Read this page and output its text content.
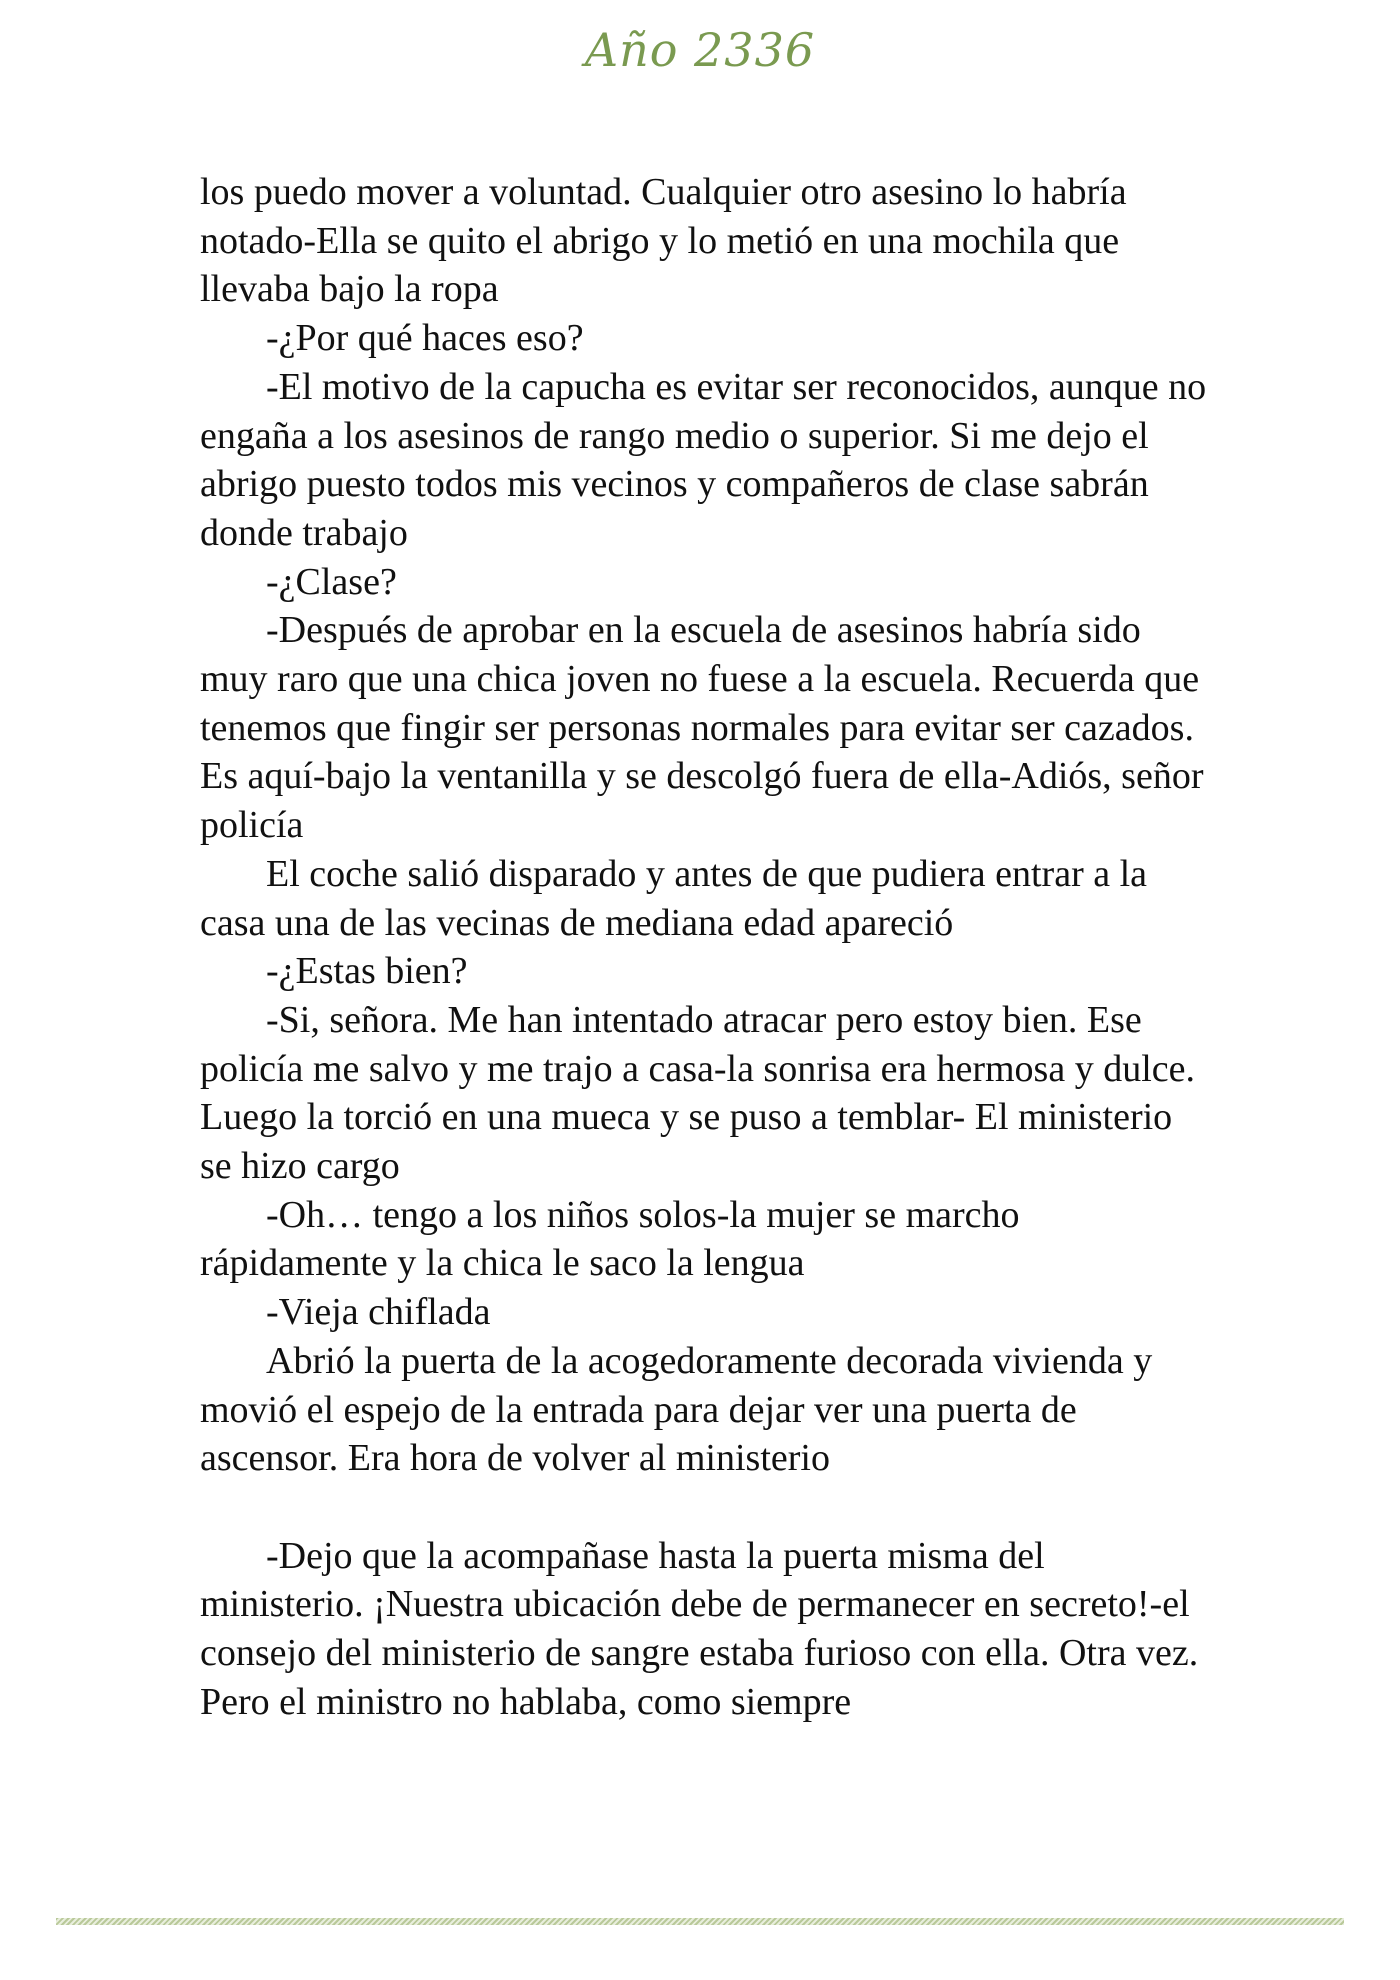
Año 2336

los puedo mover a voluntad. Cualquier otro asesino lo habría notado-Ella se quito el abrigo y lo metió en una mochila que llevaba bajo la ropa

-¿Por qué haces eso?

-El motivo de la capucha es evitar ser reconocidos, aunque no engaña a los asesinos de rango medio o superior. Si me dejo el abrigo puesto todos mis vecinos y compañeros de clase sabrán donde trabajo

-¿Clase?

-Después de aprobar en la escuela de asesinos habría sido muy raro que una chica joven no fuese a la escuela. Recuerda que tenemos que fingir ser personas normales para evitar ser cazados. Es aquí-bajo la ventanilla y se descolgó fuera de ella-Adiós, señor policía

El coche salió disparado y antes de que pudiera entrar a la casa una de las vecinas de mediana edad apareció

-¿Estas bien?

-Si, señora. Me han intentado atracar pero estoy bien. Ese policía me salvo y me trajo a casa-la sonrisa era hermosa y dulce. Luego la torció en una mueca y se puso a temblar- El ministerio se hizo cargo

-Oh… tengo a los niños solos-la mujer se marcho rápidamente y la chica le saco la lengua

-Vieja chiflada

Abrió la puerta de la acogedoramente decorada vivienda y movió el espejo de la entrada para dejar ver una puerta de ascensor. Era hora de volver al ministerio

-Dejo que la acompañase hasta la puerta misma del ministerio. ¡Nuestra ubicación debe de permanecer en secreto!-el consejo del ministerio de sangre estaba furioso con ella. Otra vez. Pero el ministro no hablaba, como siempre
